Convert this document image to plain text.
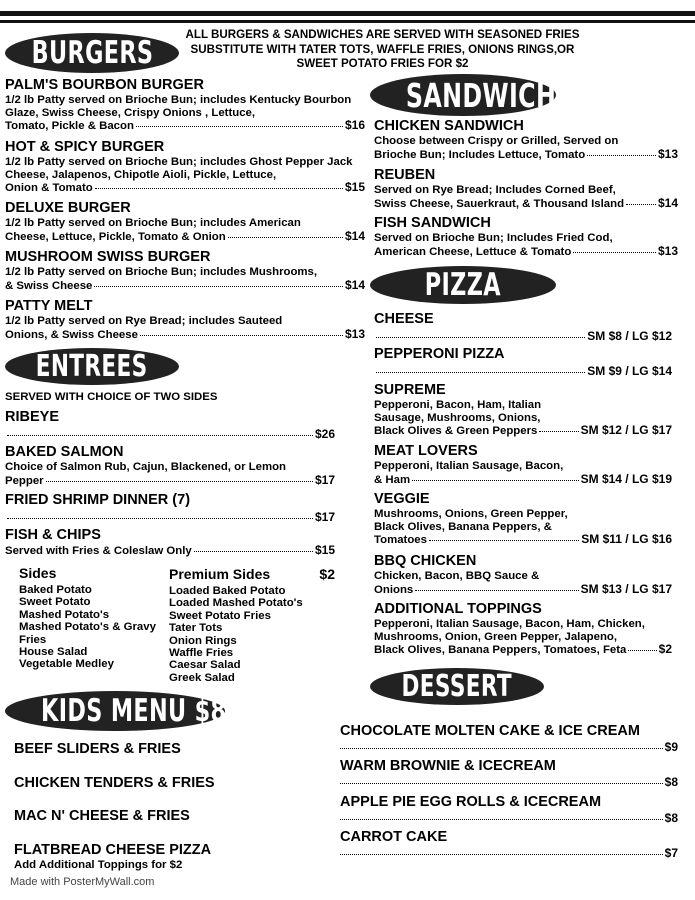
ALL BURGERS & SANDWICHES ARE SERVED WITH SEASONED FRIES SUBSTITUTE WITH TATER TOTS, WAFFLE FRIES, ONIONS RINGS,OR SWEET POTATO FRIES FOR $2
BURGERS
PALM'S BOURBON BURGER
1/2 lb Patty served on Brioche Bun; includes Kentucky Bourbon Glaze, Swiss Cheese, Crispy Onions , Lettuce,
Tomato, Pickle & Bacon	$16
HOT & SPICY BURGER
1/2 lb Patty served on Brioche Bun; includes Ghost Pepper Jack Cheese, Jalapenos, Chipotle Aioli, Pickle, Lettuce,
Onion & Tomato	$15
DELUXE BURGER
1/2 lb Patty served on Brioche Bun; includes American
Cheese, Lettuce, Pickle, Tomato & Onion	$14
MUSHROOM SWISS BURGER
1/2 lb Patty served on Brioche Bun; includes Mushrooms,
& Swiss Cheese	$14
PATTY MELT
1/2 lb Patty served on Rye Bread; includes Sauteed
Onions, & Swiss Cheese	$13
ENTREES
SERVED WITH CHOICE OF TWO SIDES
RIBEYE
$26
BAKED SALMON
Choice of Salmon Rub, Cajun, Blackened, or Lemon
Pepper	$17
FRIED SHRIMP DINNER (7)
$17
FISH & CHIPS
Served with Fries & Coleslaw Only	$15
Sides
Baked Potato
Sweet Potato
Mashed Potato's
Mashed Potato's & Gravy
Fries
House Salad
Vegetable Medley
Premium Sides	$2
Loaded Baked Potato
Loaded Mashed Potato's
Sweet Potato Fries
Tater Tots
Onion Rings
Waffle Fries
Caesar Salad
Greek Salad
KIDS MENU $8
BEEF SLIDERS & FRIES
CHICKEN TENDERS & FRIES
MAC N' CHEESE & FRIES
FLATBREAD CHEESE PIZZA
Add Additional Toppings for $2
SANDWICHES
CHICKEN SANDWICH
Choose between Crispy or Grilled, Served on
Brioche Bun; Includes Lettuce, Tomato	$13
REUBEN
Served on Rye Bread; Includes Corned Beef,
Swiss Cheese, Sauerkraut, & Thousand Island	$14
FISH SANDWICH
Served on Brioche Bun; Includes Fried Cod,
American Cheese, Lettuce & Tomato	$13
PIZZA
CHEESE
SM $8 / LG $12
PEPPERONI PIZZA
SM $9 / LG $14
SUPREME
Pepperoni, Bacon, Ham, Italian Sausage, Mushrooms, Onions,
Black Olives & Green Peppers	SM $12 / LG $17
MEAT LOVERS
Pepperoni, Italian Sausage, Bacon,
& Ham	SM $14 / LG $19
VEGGIE
Mushrooms, Onions, Green Pepper, Black Olives, Banana Peppers, &
Tomatoes	SM $11 / LG $16
BBQ CHICKEN
Chicken, Bacon, BBQ Sauce &
Onions	SM $13 / LG $17
ADDITIONAL TOPPINGS
Pepperoni, Italian Sausage, Bacon, Ham, Chicken, Mushrooms, Onion, Green Pepper, Jalapeno,
Black Olives, Banana Peppers, Tomatoes, Feta	$2
DESSERT
CHOCOLATE MOLTEN CAKE & ICE CREAM
$9
WARM BROWNIE & ICECREAM
$8
APPLE PIE EGG ROLLS & ICECREAM
$8
CARROT CAKE
$7
Made with PosterMyWall.com
